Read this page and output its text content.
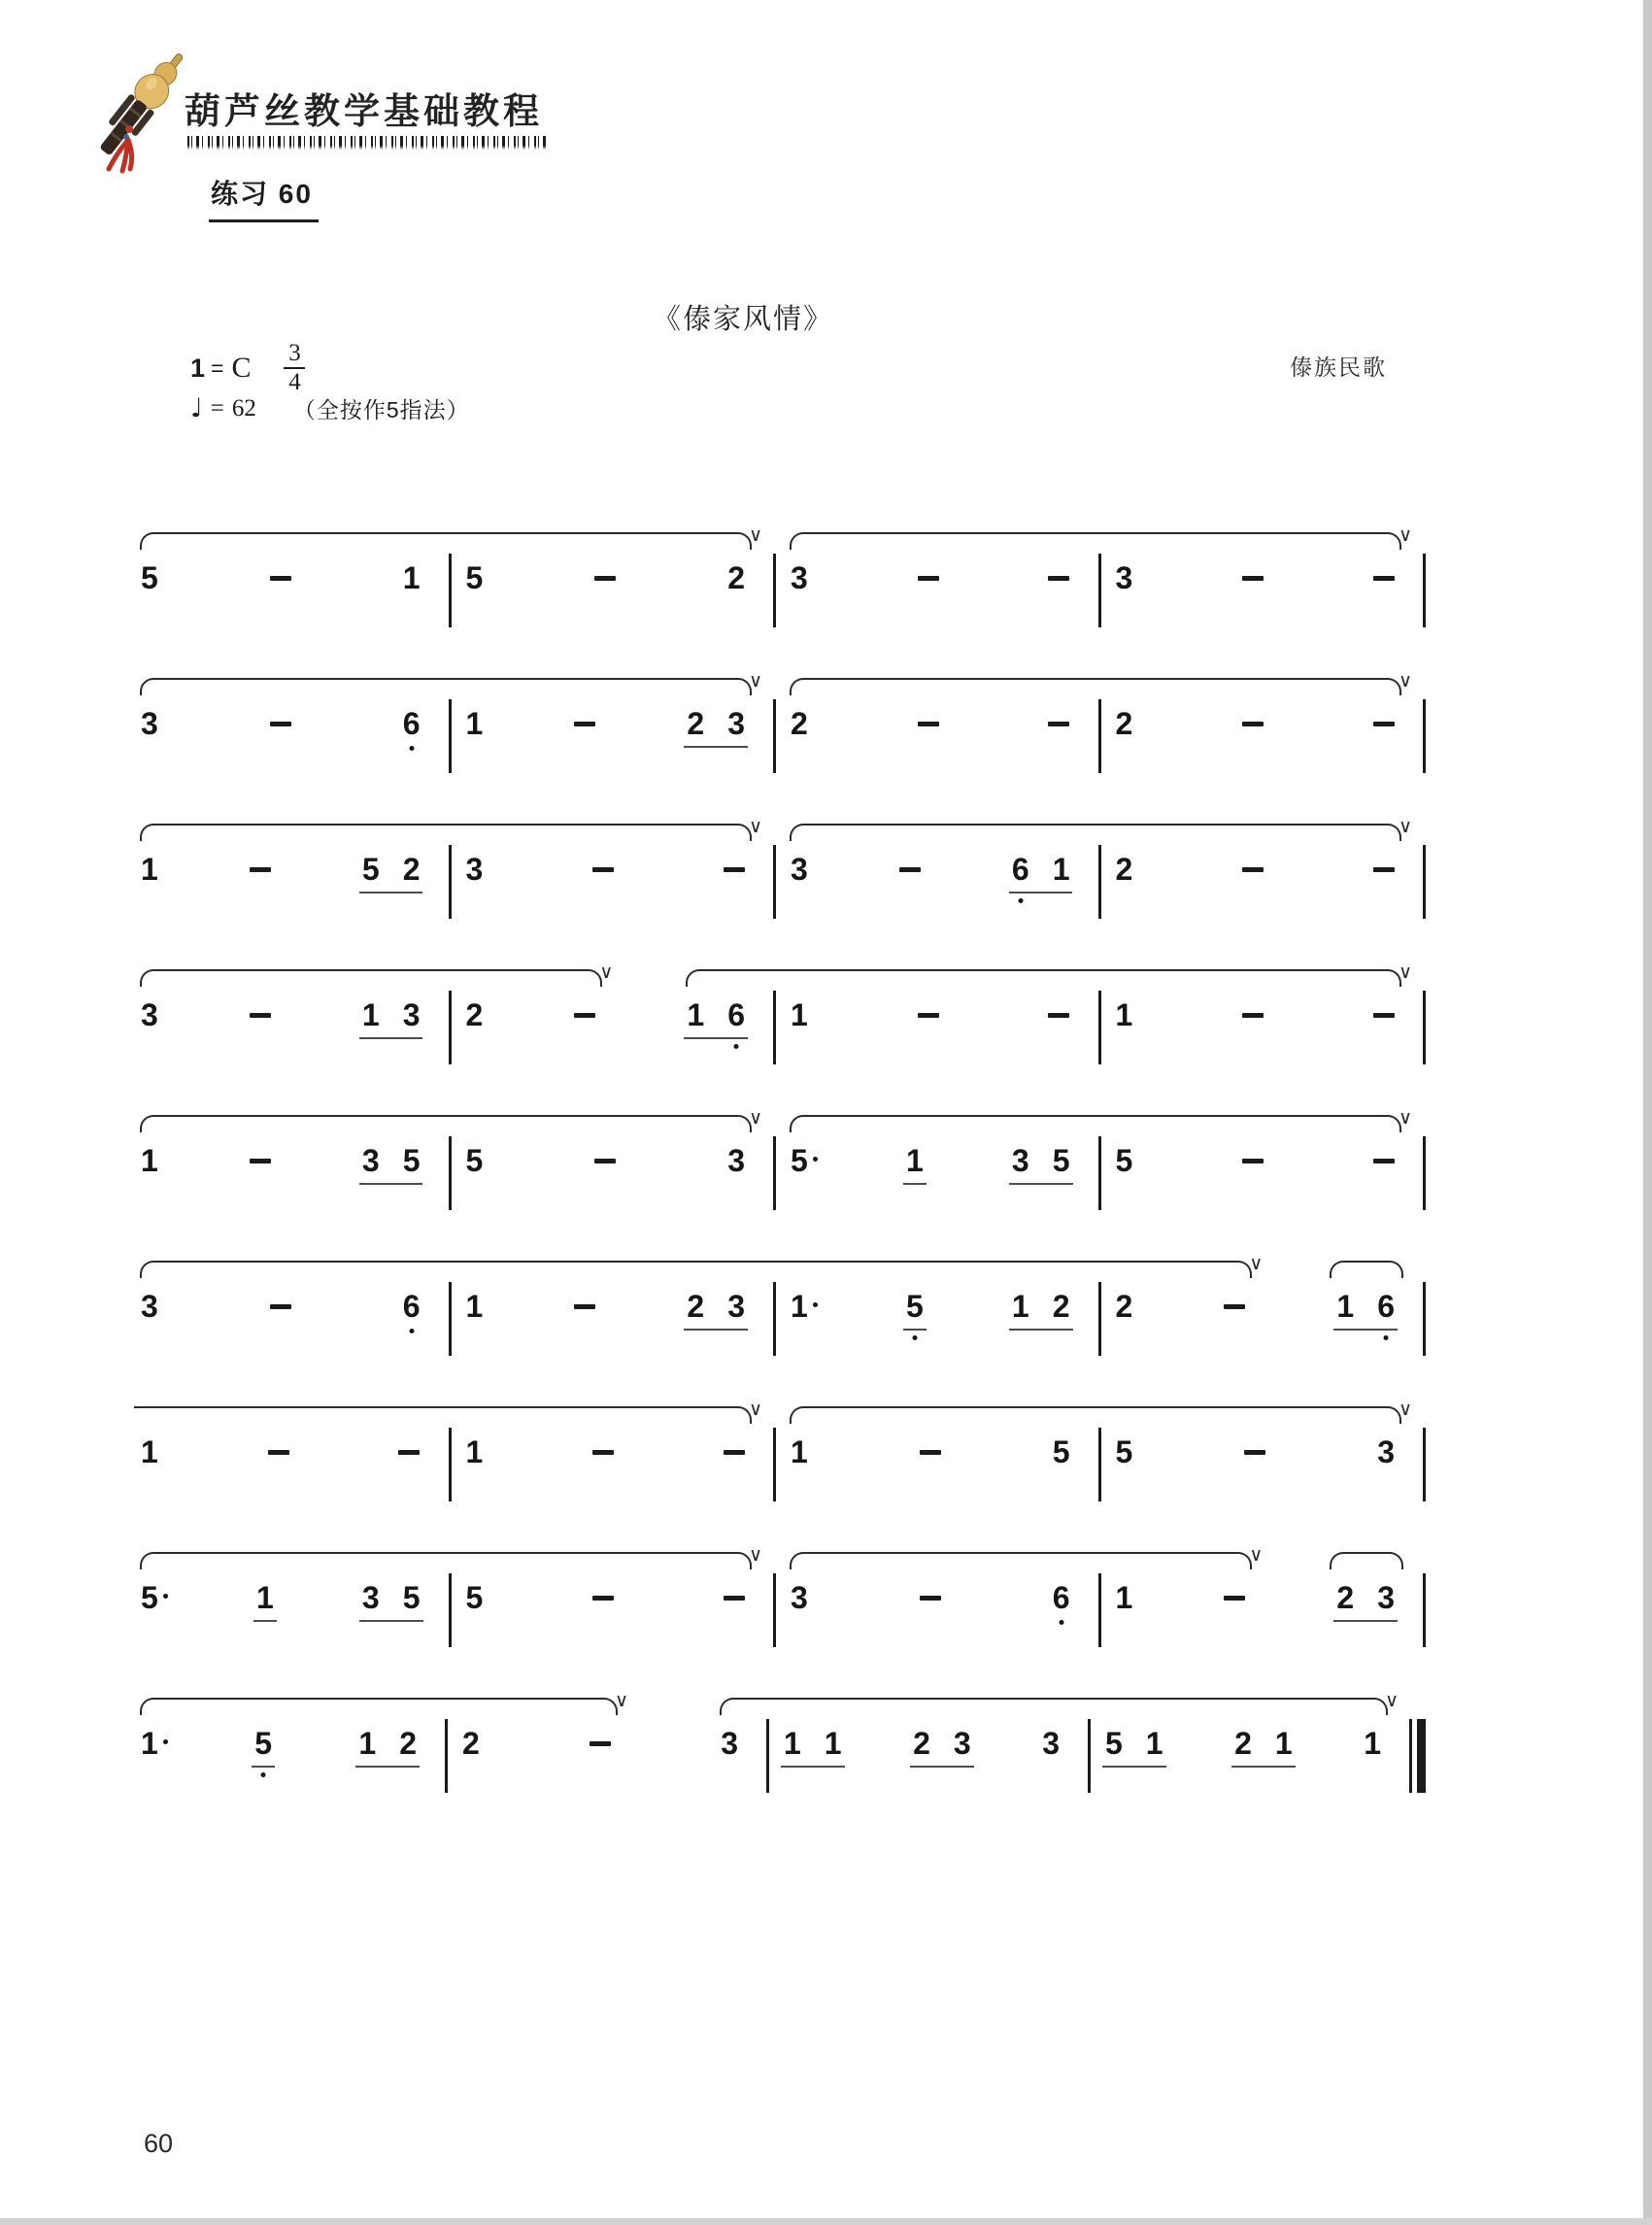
葫芦丝教学基础教程
练习 60
《傣家风情》
傣族民歌
1 = C $\frac{3}{4}$
♩ = 62 （全按作5指法）
5	1 5	2
∨
3	3
∨
3	6 1	2 3
∨
2	2
∨
1	5 2 3
∨
3	6 1 2
∨
3	1 3 2
∨
1 6 1	1
∨
1	3 5 5	3
∨
5	1	3 5 5
∨
3	6 1	2 3 1	5	1 2 2
∨
1 6
1	1
∨
1	5 5	3
∨
5	1	3 5 5
∨
3	6 1
∨
2 3
1	5	1 2 2
∨
3 1 1 2 3 3 5 1 2 1 1
∨
60
